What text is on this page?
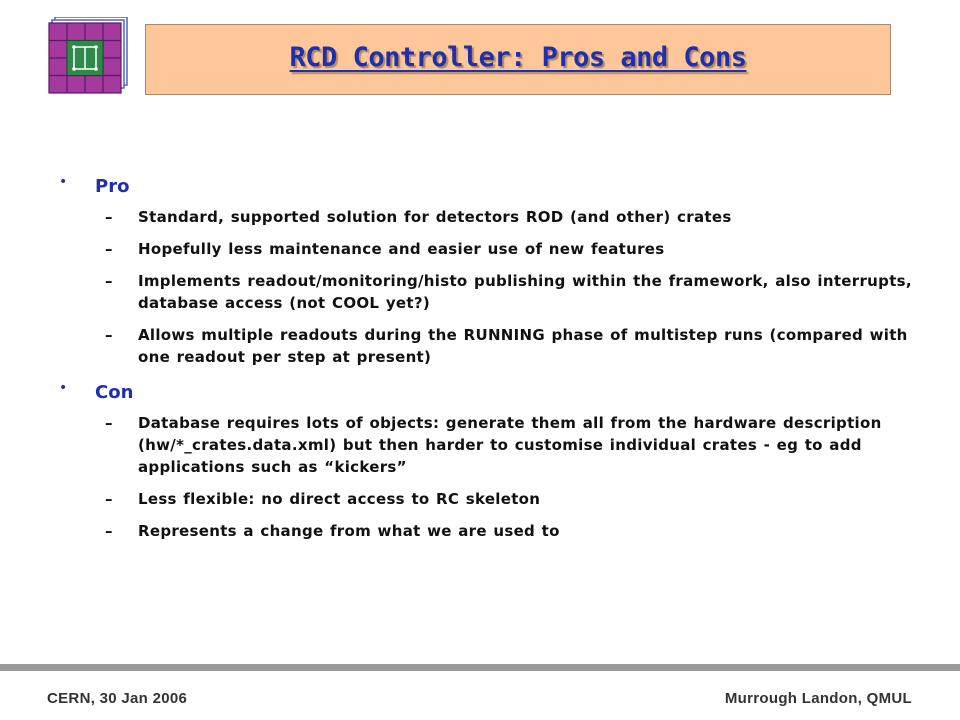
RCD Controller: Pros and Cons
• Pro
– Standard, supported solution for detectors ROD (and other) crates
– Hopefully less maintenance and easier use of new features
– Implements readout/monitoring/histo publishing within the framework, also interrupts, database access (not COOL yet?)
– Allows multiple readouts during the RUNNING phase of multistep runs (compared with one readout per step at present)
• Con
– Database requires lots of objects: generate them all from the hardware description (hw/*_crates.data.xml) but then harder to customise individual crates - eg to add applications such as “kickers”
– Less flexible: no direct access to RC skeleton
– Represents a change from what we are used to
CERN, 30 Jan 2006	Murrough Landon, QMUL
